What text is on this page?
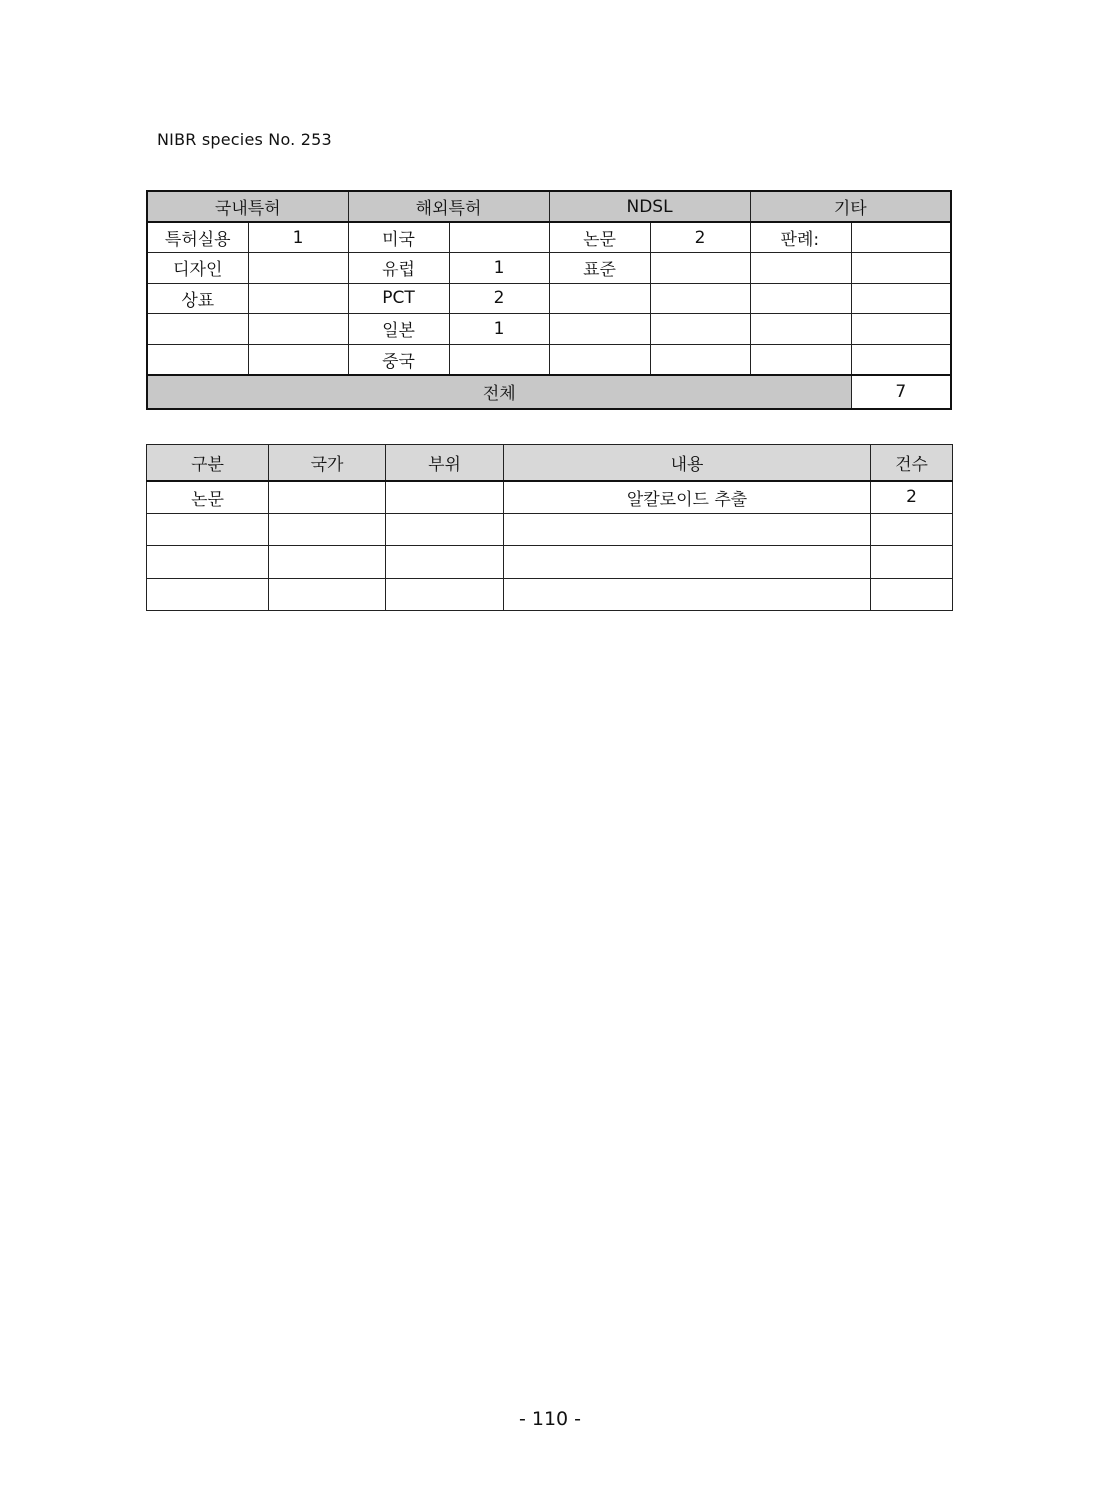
NIBR species No. 253
국내특허		해외특허		NDSL		기타	
특허실용	1	미국		논문	2	판례:	
디자인		유럽	1	표준			
상표		PCT	2				
		일본	1				
		중국					
전체							7
구분	국가	부위	내용	건수
논문			알칼로이드 추출	2

- 110 -
